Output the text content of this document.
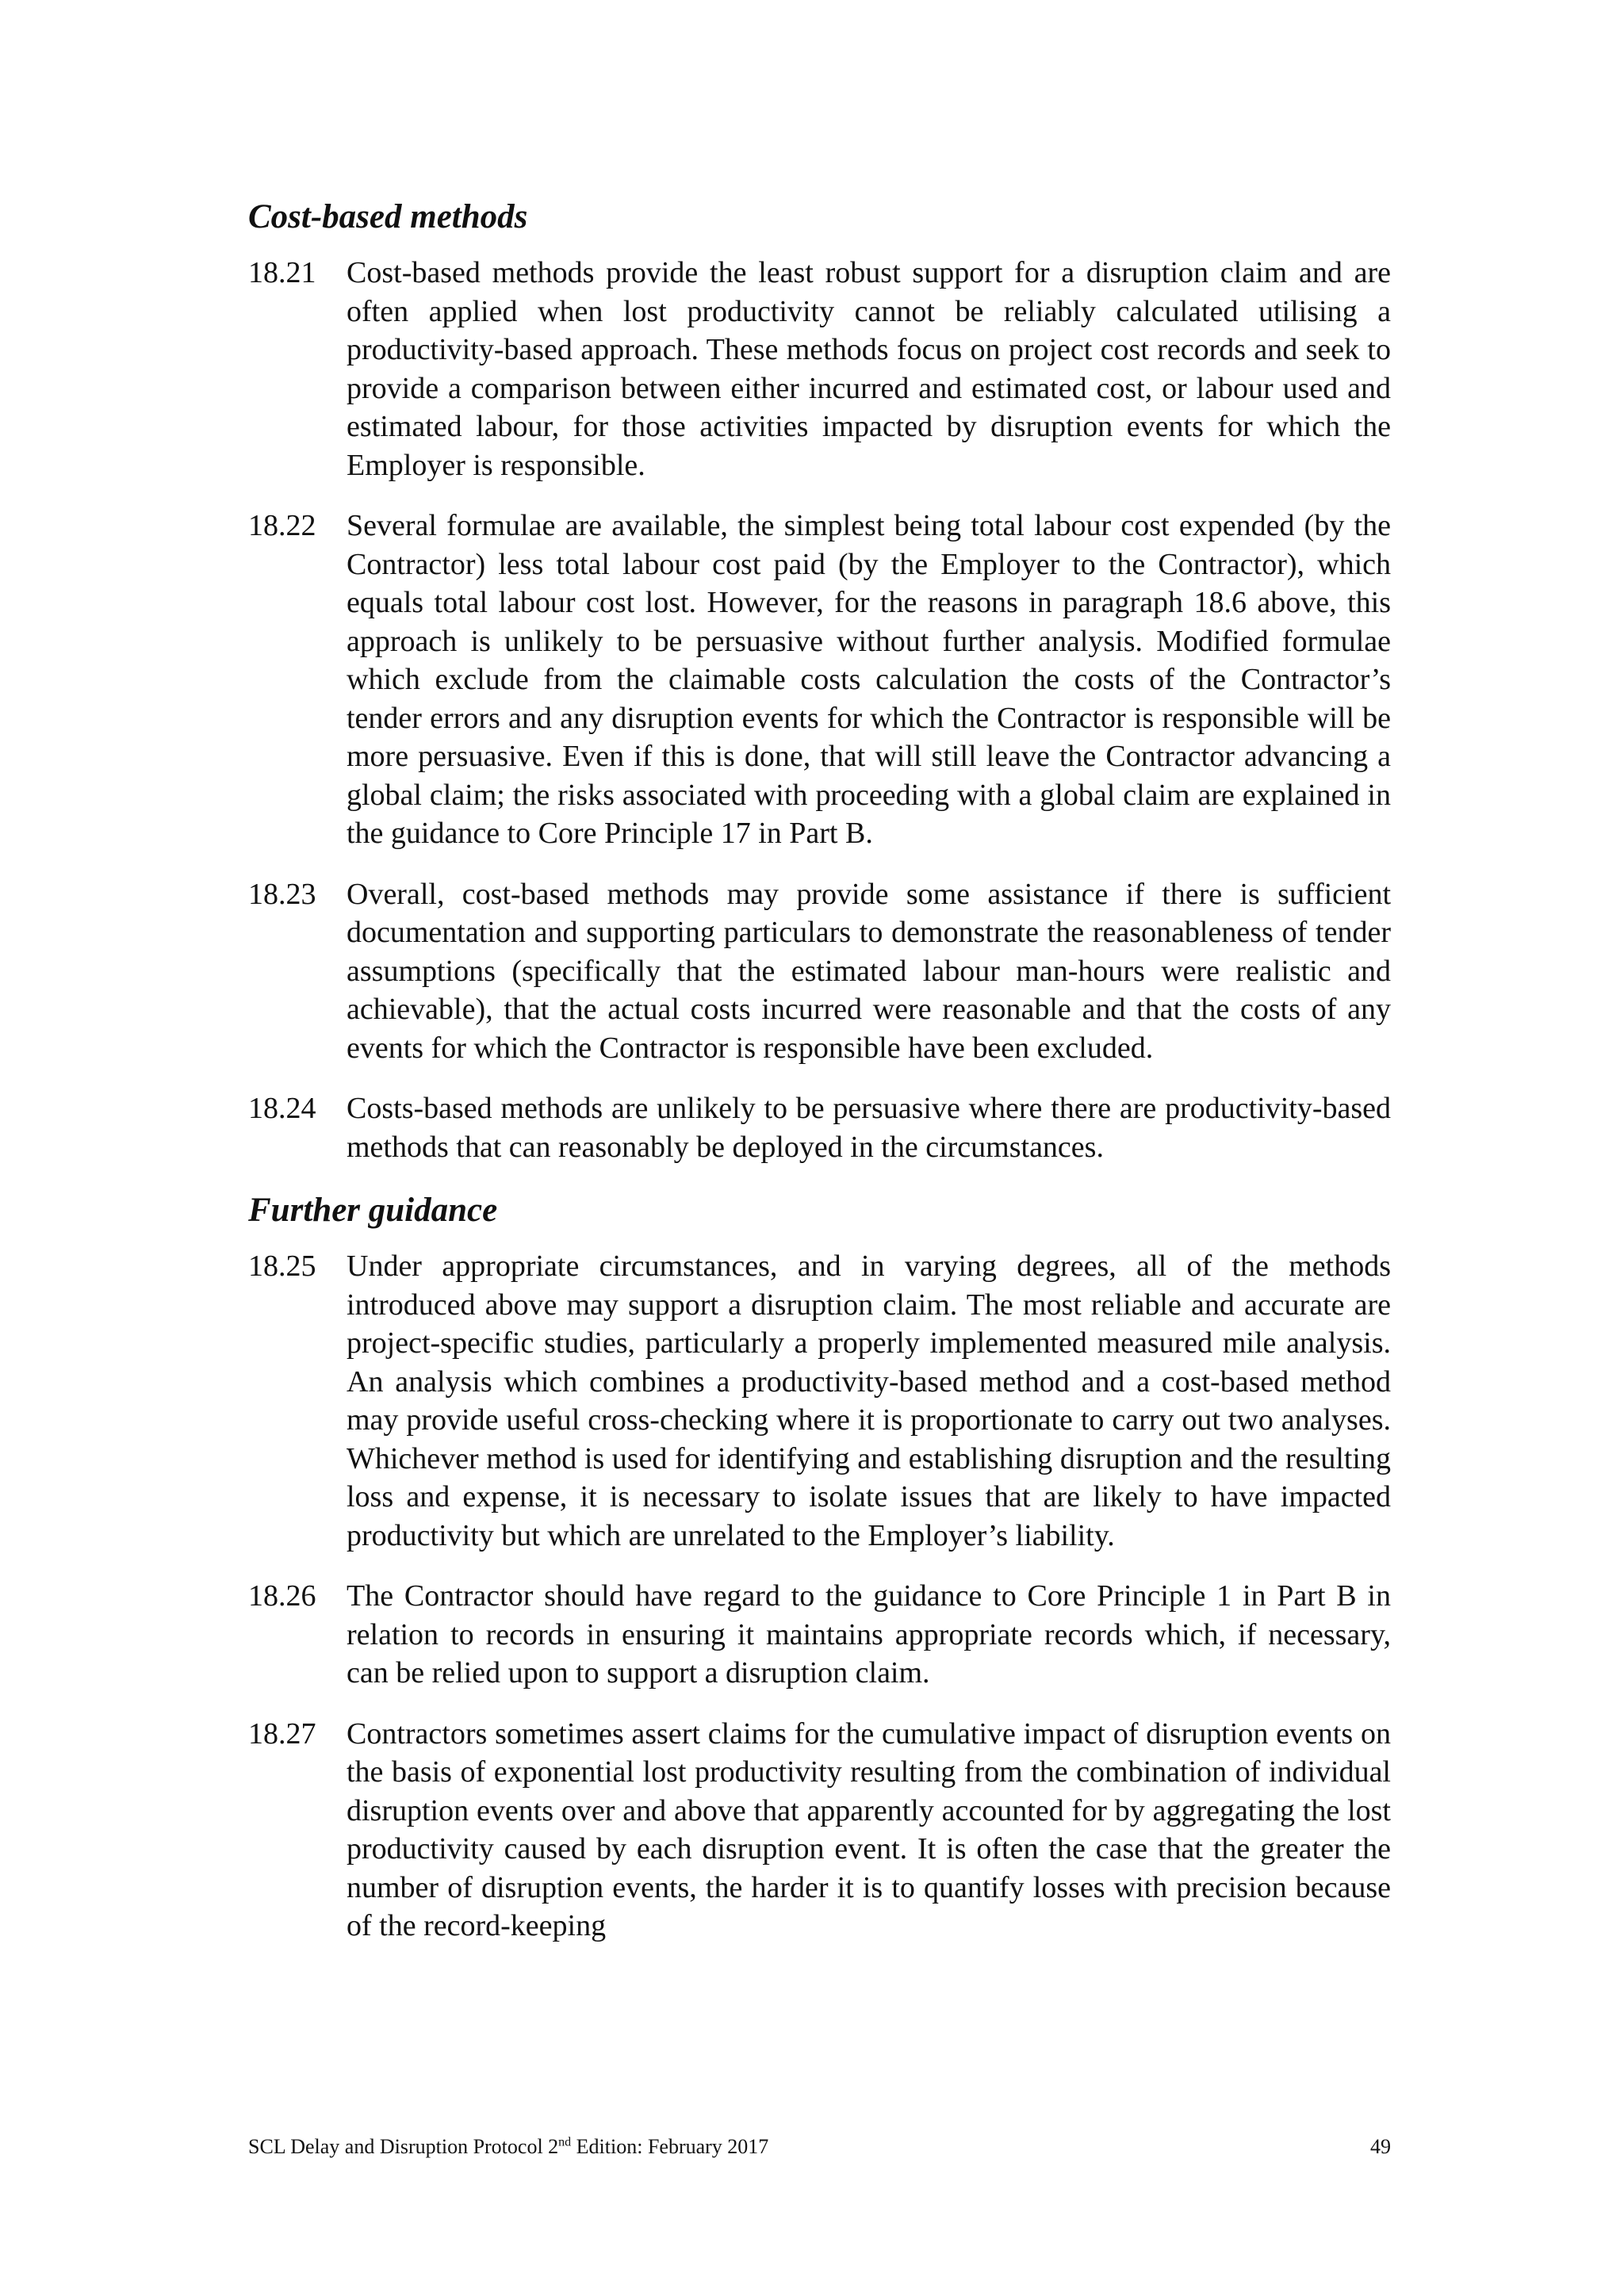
Cost-based methods
18.21	Cost-based methods provide the least robust support for a disruption claim and are often applied when lost productivity cannot be reliably calculated utilising a productivity-based approach. These methods focus on project cost records and seek to provide a comparison between either incurred and estimated cost, or labour used and estimated labour, for those activities impacted by disruption events for which the Employer is responsible.
18.22	Several formulae are available, the simplest being total labour cost expended (by the Contractor) less total labour cost paid (by the Employer to the Contractor), which equals total labour cost lost. However, for the reasons in paragraph 18.6 above, this approach is unlikely to be persuasive without further analysis. Modified formulae which exclude from the claimable costs calculation the costs of the Contractor’s tender errors and any disruption events for which the Contractor is responsible will be more persuasive. Even if this is done, that will still leave the Contractor advancing a global claim; the risks associated with proceeding with a global claim are explained in the guidance to Core Principle 17 in Part B.
18.23	Overall, cost-based methods may provide some assistance if there is sufficient documentation and supporting particulars to demonstrate the reasonableness of tender assumptions (specifically that the estimated labour man-hours were realistic and achievable), that the actual costs incurred were reasonable and that the costs of any events for which the Contractor is responsible have been excluded.
18.24	Costs-based methods are unlikely to be persuasive where there are productivity-based methods that can reasonably be deployed in the circumstances.
Further guidance
18.25	Under appropriate circumstances, and in varying degrees, all of the methods introduced above may support a disruption claim. The most reliable and accurate are project-specific studies, particularly a properly implemented measured mile analysis. An analysis which combines a productivity-based method and a cost-based method may provide useful cross-checking where it is proportionate to carry out two analyses. Whichever method is used for identifying and establishing disruption and the resulting loss and expense, it is necessary to isolate issues that are likely to have impacted productivity but which are unrelated to the Employer’s liability.
18.26	The Contractor should have regard to the guidance to Core Principle 1 in Part B in relation to records in ensuring it maintains appropriate records which, if necessary, can be relied upon to support a disruption claim.
18.27	Contractors sometimes assert claims for the cumulative impact of disruption events on the basis of exponential lost productivity resulting from the combination of individual disruption events over and above that apparently accounted for by aggregating the lost productivity caused by each disruption event. It is often the case that the greater the number of disruption events, the harder it is to quantify losses with precision because of the record-keeping
SCL Delay and Disruption Protocol 2nd Edition: February 2017	49
